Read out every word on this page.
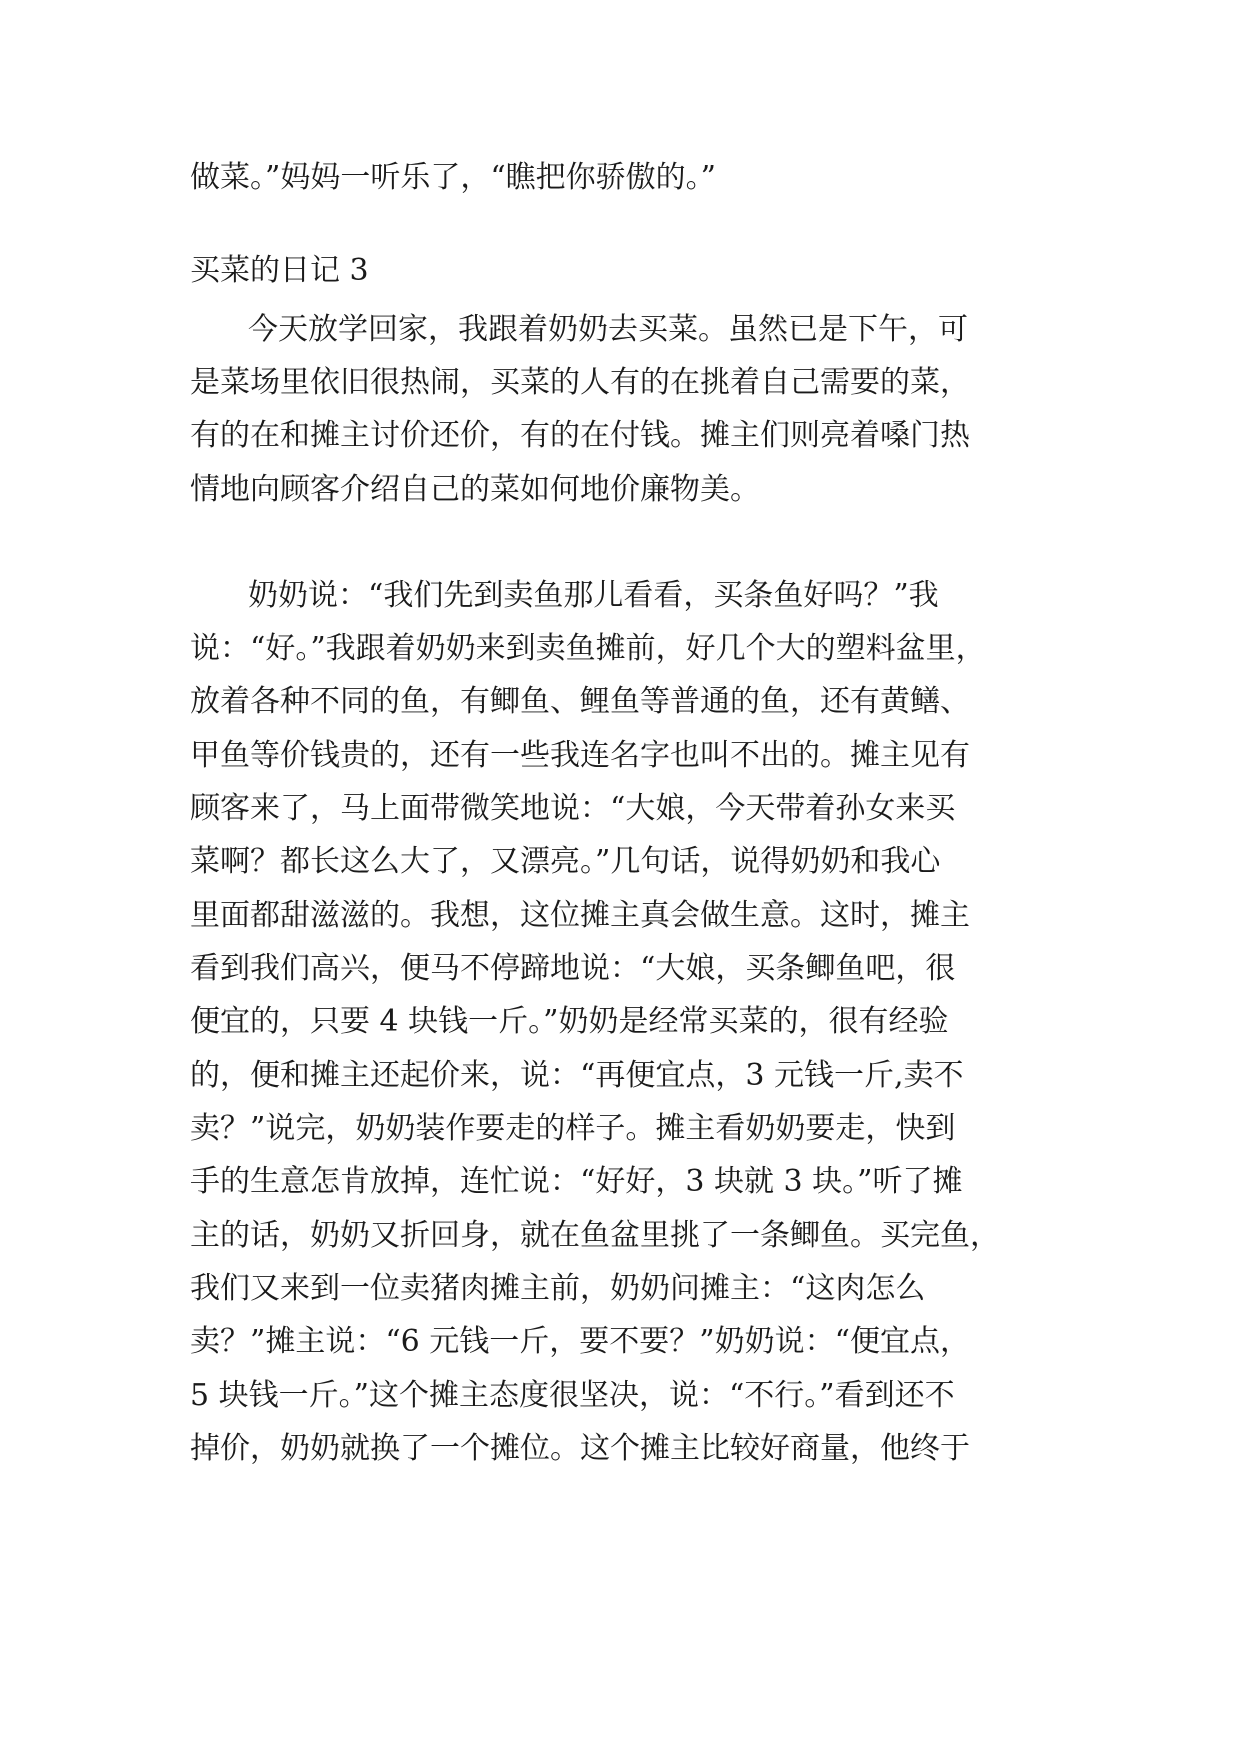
做菜。”妈妈一听乐了，“瞧把你骄傲的。”

买菜的日记 3

今天放学回家，我跟着奶奶去买菜。虽然已是下午，可

是菜场里依旧很热闹，买菜的人有的在挑着自己需要的菜，

有的在和摊主讨价还价，有的在付钱。摊主们则亮着嗓门热

情地向顾客介绍自己的菜如何地价廉物美。

奶奶说：“我们先到卖鱼那儿看看，买条鱼好吗？”我

说：“好。”我跟着奶奶来到卖鱼摊前，好几个大的塑料盆里，

放着各种不同的鱼，有鲫鱼、鲤鱼等普通的鱼，还有黄鳝、

甲鱼等价钱贵的，还有一些我连名字也叫不出的。摊主见有

顾客来了，马上面带微笑地说：“大娘，今天带着孙女来买

菜啊？都长这么大了，又漂亮。”几句话，说得奶奶和我心

里面都甜滋滋的。我想，这位摊主真会做生意。这时，摊主

看到我们高兴，便马不停蹄地说：“大娘，买条鲫鱼吧，很

便宜的，只要 4 块钱一斤。”奶奶是经常买菜的，很有经验

的，便和摊主还起价来，说：“再便宜点，3 元钱一斤,卖不

卖？”说完，奶奶装作要走的样子。摊主看奶奶要走，快到

手的生意怎肯放掉，连忙说：“好好，3 块就 3 块。”听了摊

主的话，奶奶又折回身，就在鱼盆里挑了一条鲫鱼。买完鱼，

我们又来到一位卖猪肉摊主前，奶奶问摊主：“这肉怎么

卖？”摊主说：“6 元钱一斤，要不要？”奶奶说：“便宜点，

5 块钱一斤。”这个摊主态度很坚决，说：“不行。”看到还不

掉价，奶奶就换了一个摊位。这个摊主比较好商量，他终于
